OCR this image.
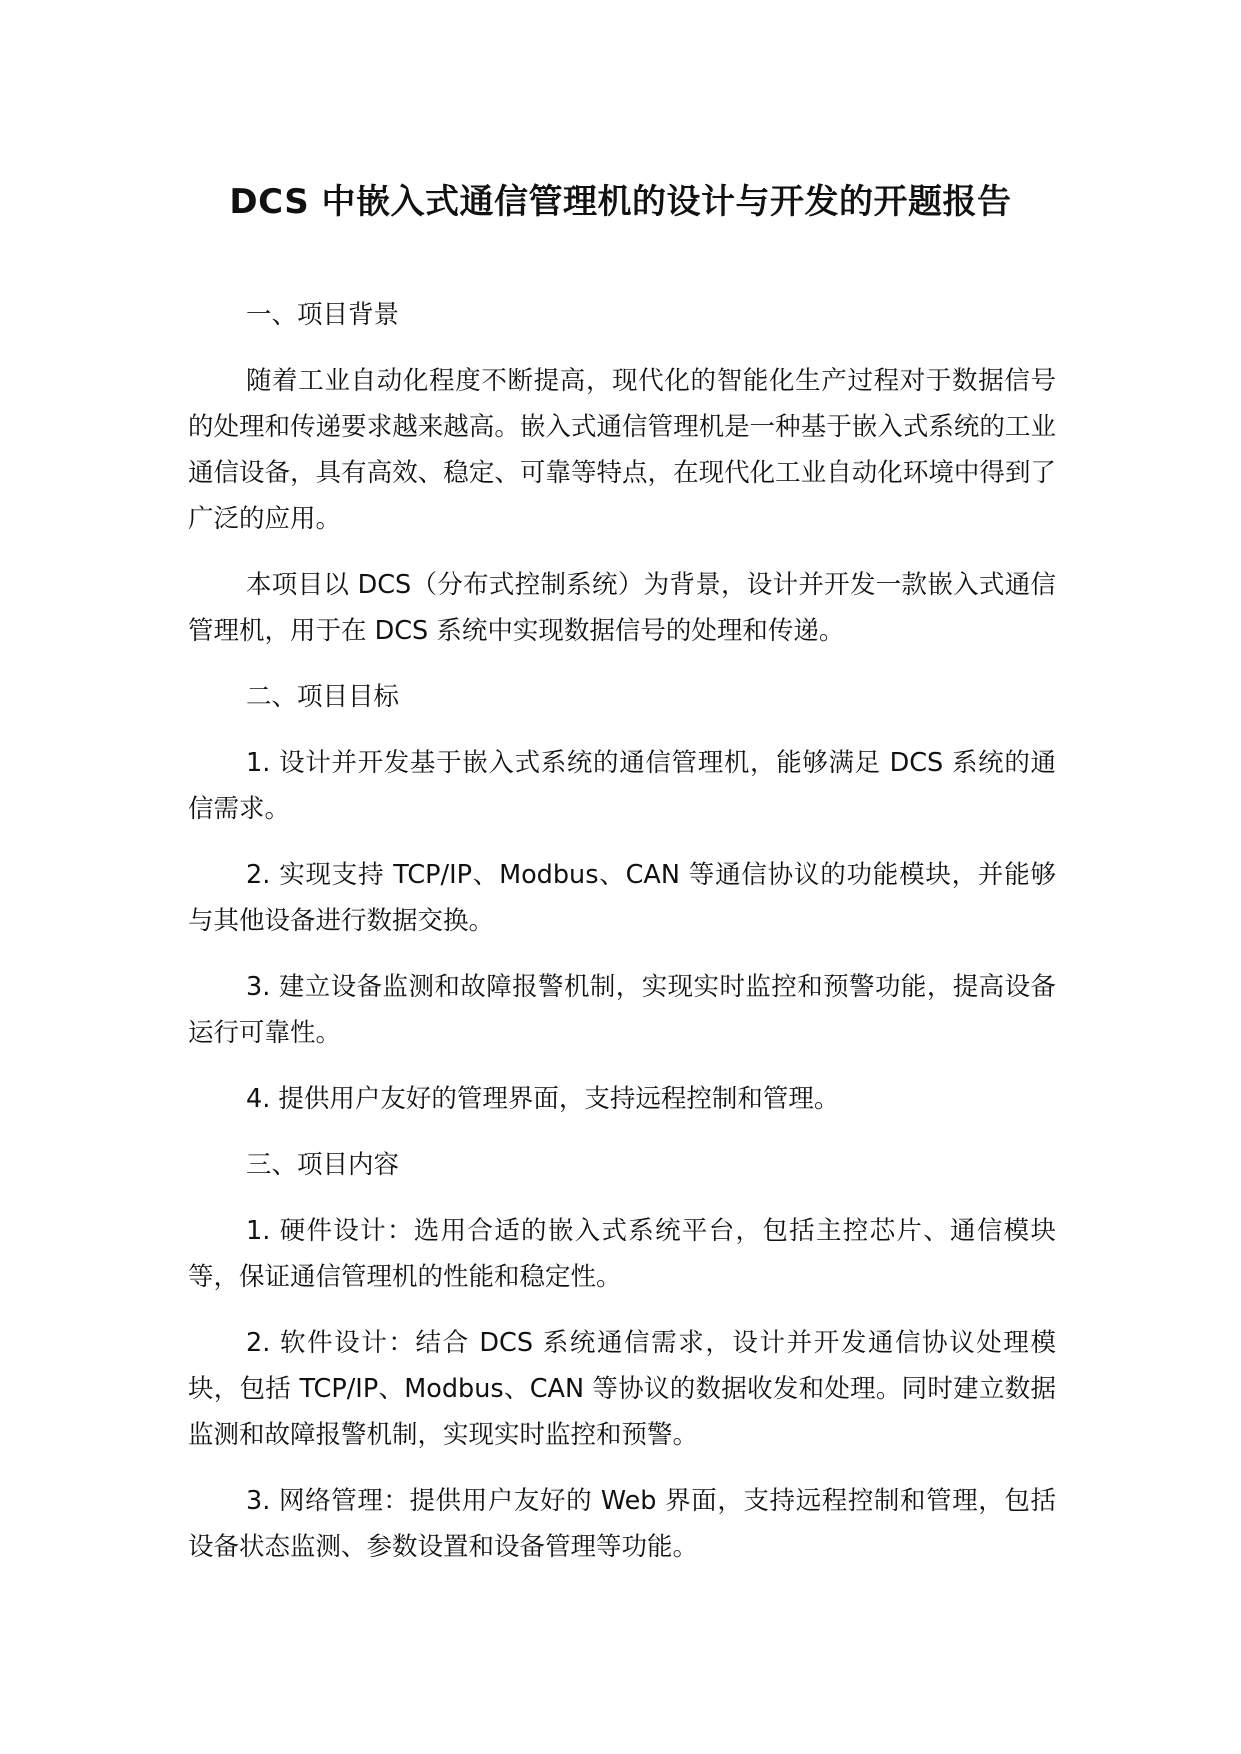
DCS 中嵌入式通信管理机的设计与开发的开题报告

一、项目背景

随着工业自动化程度不断提高，现代化的智能化生产过程对于数据信号的处理和传递要求越来越高。嵌入式通信管理机是一种基于嵌入式系统的工业通信设备，具有高效、稳定、可靠等特点，在现代化工业自动化环境中得到了广泛的应用。

本项目以 DCS（分布式控制系统）为背景，设计并开发一款嵌入式通信管理机，用于在 DCS 系统中实现数据信号的处理和传递。

二、项目目标

1. 设计并开发基于嵌入式系统的通信管理机，能够满足 DCS 系统的通信需求。

2. 实现支持 TCP/IP、Modbus、CAN 等通信协议的功能模块，并能够与其他设备进行数据交换。

3. 建立设备监测和故障报警机制，实现实时监控和预警功能，提高设备运行可靠性。

4. 提供用户友好的管理界面，支持远程控制和管理。

三、项目内容

1. 硬件设计：选用合适的嵌入式系统平台，包括主控芯片、通信模块等，保证通信管理机的性能和稳定性。

2. 软件设计：结合 DCS 系统通信需求，设计并开发通信协议处理模块，包括 TCP/IP、Modbus、CAN 等协议的数据收发和处理。同时建立数据监测和故障报警机制，实现实时监控和预警。

3. 网络管理：提供用户友好的 Web 界面，支持远程控制和管理，包括设备状态监测、参数设置和设备管理等功能。
